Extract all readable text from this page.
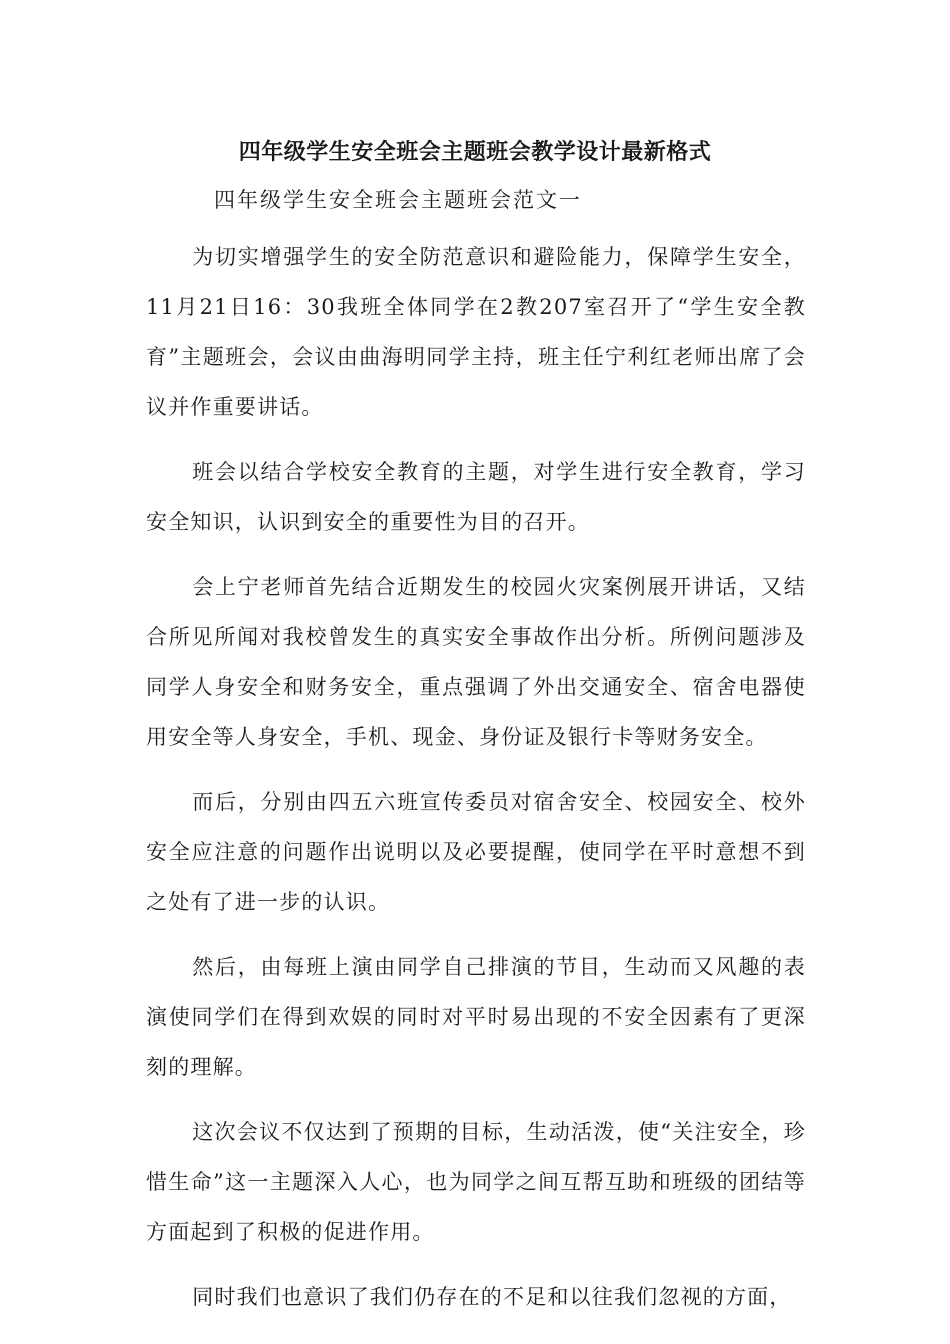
四年级学生安全班会主题班会教学设计最新格式

四年级学生安全班会主题班会范文一

为切实增强学生的安全防范意识和避险能力，保障学生安全，11月21日16：30我班全体同学在2教207室召开了“学生安全教育”主题班会，会议由曲海明同学主持，班主任宁利红老师出席了会议并作重要讲话。

班会以结合学校安全教育的主题，对学生进行安全教育，学习安全知识，认识到安全的重要性为目的召开。

会上宁老师首先结合近期发生的校园火灾案例展开讲话，又结合所见所闻对我校曾发生的真实安全事故作出分析。所例问题涉及同学人身安全和财务安全，重点强调了外出交通安全、宿舍电器使用安全等人身安全，手机、现金、身份证及银行卡等财务安全。

而后，分别由四五六班宣传委员对宿舍安全、校园安全、校外安全应注意的问题作出说明以及必要提醒，使同学在平时意想不到之处有了进一步的认识。

然后，由每班上演由同学自己排演的节目，生动而又风趣的表演使同学们在得到欢娱的同时对平时易出现的不安全因素有了更深刻的理解。

这次会议不仅达到了预期的目标，生动活泼，使“关注安全，珍惜生命”这一主题深入人心，也为同学之间互帮互助和班级的团结等方面起到了积极的促进作用。

同时我们也意识了我们仍存在的不足和以往我们忽视的方面，
